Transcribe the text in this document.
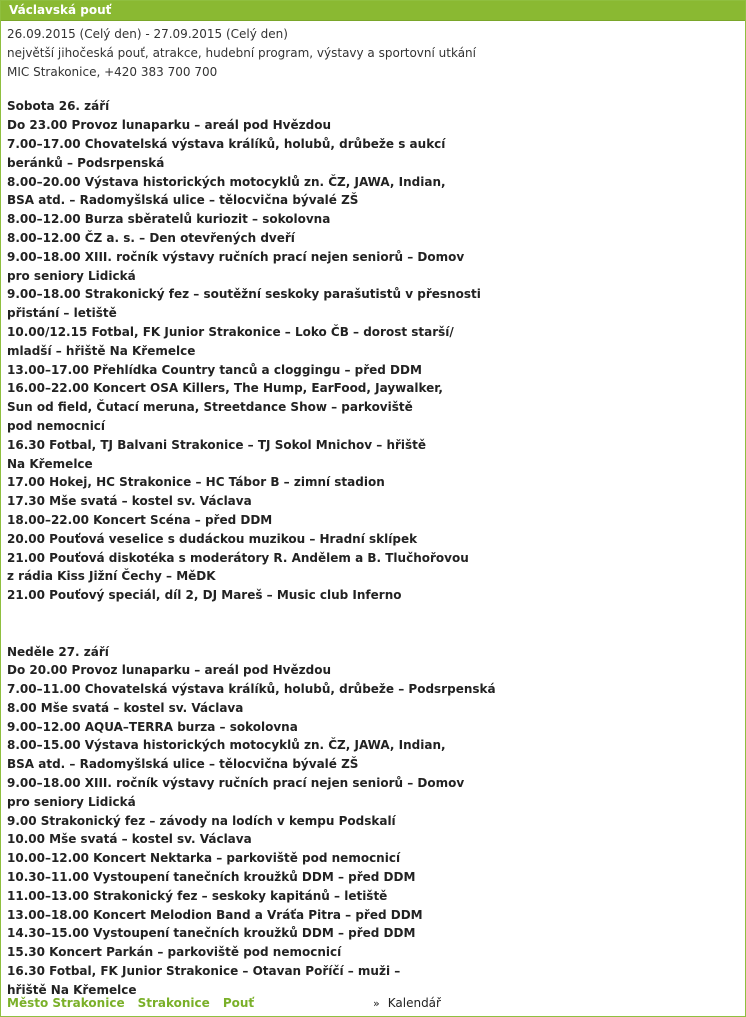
Václavská pouť
26.09.2015 (Celý den) - 27.09.2015 (Celý den)
největší jihočeská pouť, atrakce, hudební program, výstavy a sportovní utkání
MIC Strakonice, +420 383 700 700
Sobota 26. září
Do 23.00 Provoz lunaparku – areál pod Hvězdou
7.00–17.00 Chovatelská výstava králíků, holubů, drůbeže s aukcí
beránků – Podsrpenská
8.00–20.00 Výstava historických motocyklů zn. ČZ, JAWA, Indian,
BSA atd. – Radomyšlská ulice – tělocvična bývalé ZŠ
8.00–12.00 Burza sběratelů kuriozit – sokolovna
8.00–12.00 ČZ a. s. – Den otevřených dveří
9.00–18.00 XIII. ročník výstavy ručních prací nejen seniorů – Domov
pro seniory Lidická
9.00–18.00 Strakonický fez – soutěžní seskoky parašutistů v přesnosti
přistání – letiště
10.00/12.15 Fotbal, FK Junior Strakonice – Loko ČB – dorost starší/
mladší – hřiště Na Křemelce
13.00–17.00 Přehlídka Country tanců a cloggingu – před DDM
16.00–22.00 Koncert OSA Killers, The Hump, EarFood, Jaywalker,
Sun od field, Čutací meruna, Streetdance Show – parkoviště
pod nemocnicí
16.30 Fotbal, TJ Balvani Strakonice – TJ Sokol Mnichov – hřiště
Na Křemelce
17.00 Hokej, HC Strakonice – HC Tábor B – zimní stadion
17.30 Mše svatá – kostel sv. Václava
18.00–22.00 Koncert Scéna – před DDM
20.00 Pouťová veselice s dudáckou muzikou – Hradní sklípek
21.00 Pouťová diskotéka s moderátory R. Andělem a B. Tlučhořovou
z rádia Kiss Jižní Čechy – MěDK
21.00 Pouťový speciál, díl 2, DJ Mareš – Music club Inferno
Neděle 27. září
Do 20.00 Provoz lunaparku – areál pod Hvězdou
7.00–11.00 Chovatelská výstava králíků, holubů, drůbeže – Podsrpenská
8.00 Mše svatá – kostel sv. Václava
9.00–12.00 AQUA–TERRA burza – sokolovna
8.00–15.00 Výstava historických motocyklů zn. ČZ, JAWA, Indian,
BSA atd. – Radomyšlská ulice – tělocvična bývalé ZŠ
9.00–18.00 XIII. ročník výstavy ručních prací nejen seniorů – Domov
pro seniory Lidická
9.00 Strakonický fez – závody na lodích v kempu Podskalí
10.00 Mše svatá – kostel sv. Václava
10.00–12.00 Koncert Nektarka – parkoviště pod nemocnicí
10.30–11.00 Vystoupení tanečních kroužků DDM – před DDM
11.00–13.00 Strakonický fez – seskoky kapitánů – letiště
13.00–18.00 Koncert Melodion Band a Vráťa Pitra – před DDM
14.30–15.00 Vystoupení tanečních kroužků DDM – před DDM
15.30 Koncert Parkán – parkoviště pod nemocnicí
16.30 Fotbal, FK Junior Strakonice – Otavan Poříčí – muži –
hřiště Na Křemelce
Město Strakonice Strakonice Pouť	» Kalendář
